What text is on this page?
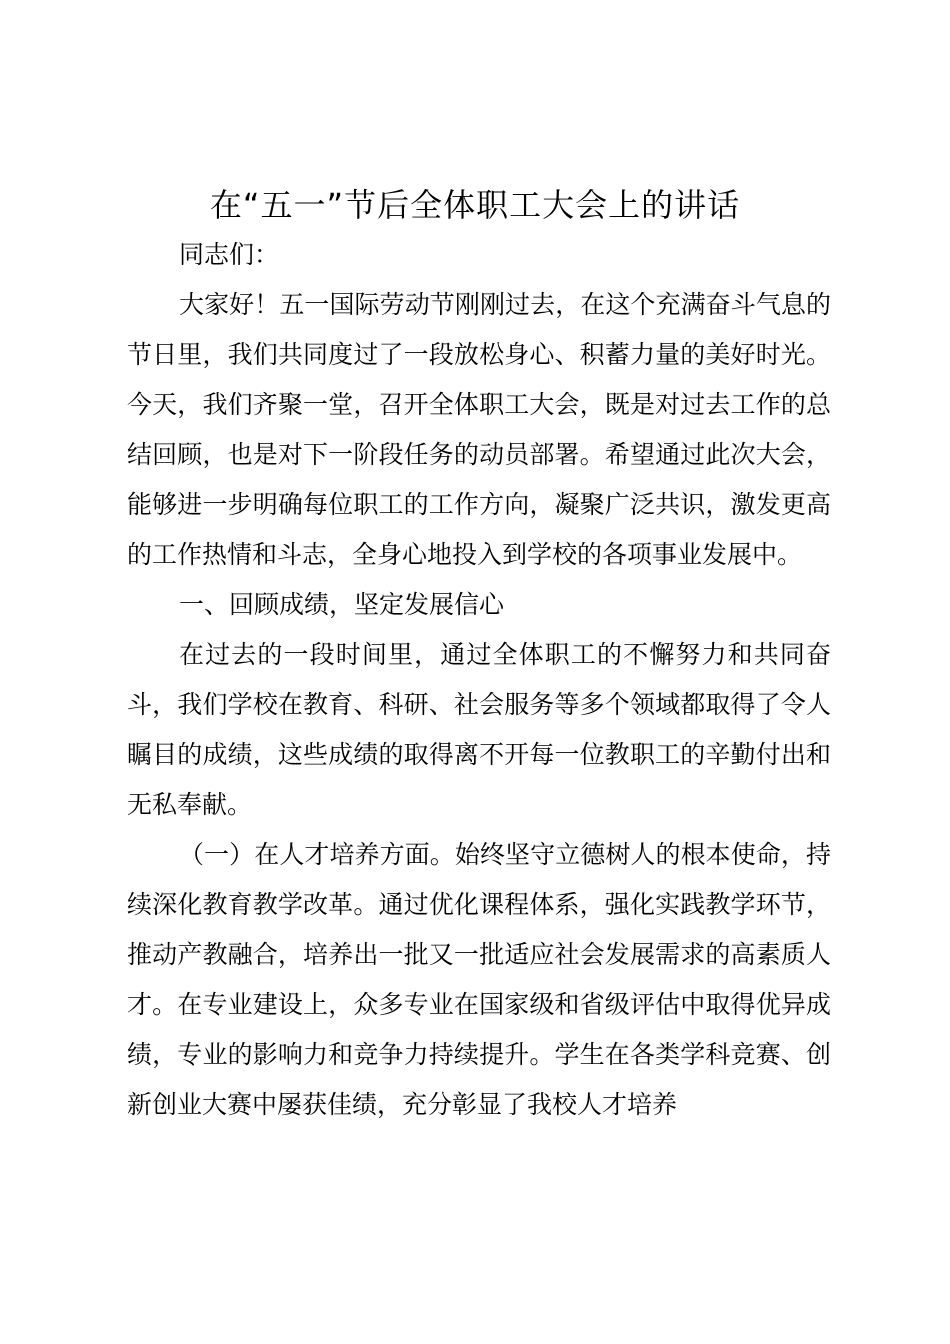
在“五一”节后全体职工大会上的讲话

同志们：

大家好！五一国际劳动节刚刚过去，在这个充满奋斗气息的节日里，我们共同度过了一段放松身心、积蓄力量的美好时光。今天，我们齐聚一堂，召开全体职工大会，既是对过去工作的总结回顾，也是对下一阶段任务的动员部署。希望通过此次大会，能够进一步明确每位职工的工作方向，凝聚广泛共识，激发更高的工作热情和斗志，全身心地投入到学校的各项事业发展中。

一、回顾成绩，坚定发展信心

在过去的一段时间里，通过全体职工的不懈努力和共同奋斗，我们学校在教育、科研、社会服务等多个领域都取得了令人瞩目的成绩，这些成绩的取得离不开每一位教职工的辛勤付出和无私奉献。

（一）在人才培养方面。始终坚守立德树人的根本使命，持续深化教育教学改革。通过优化课程体系，强化实践教学环节，推动产教融合，培养出一批又一批适应社会发展需求的高素质人才。在专业建设上，众多专业在国家级和省级评估中取得优异成绩，专业的影响力和竞争力持续提升。学生在各类学科竞赛、创新创业大赛中屡获佳绩，充分彰显了我校人才培养
